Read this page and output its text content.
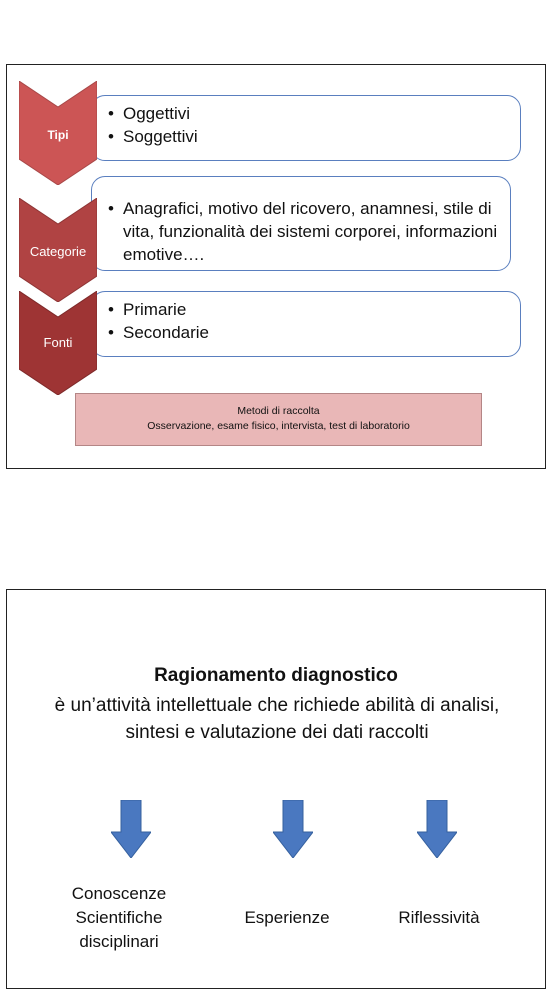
• Oggettivi
• Soggettivi
Tipi
• Anagrafici, motivo del ricovero, anamnesi, stile di vita, funzionalità dei sistemi corporei, informazioni emotive….
Categorie
• Primarie
• Secondarie
Fonti
Metodi di raccolta
Osservazione, esame fisico, intervista, test di laboratorio
Ragionamento diagnostico
è un’attività intellettuale che richiede abilità di analisi, sintesi e valutazione dei dati raccolti
Conoscenze Scientifiche disciplinari
Esperienze	Riflessività
